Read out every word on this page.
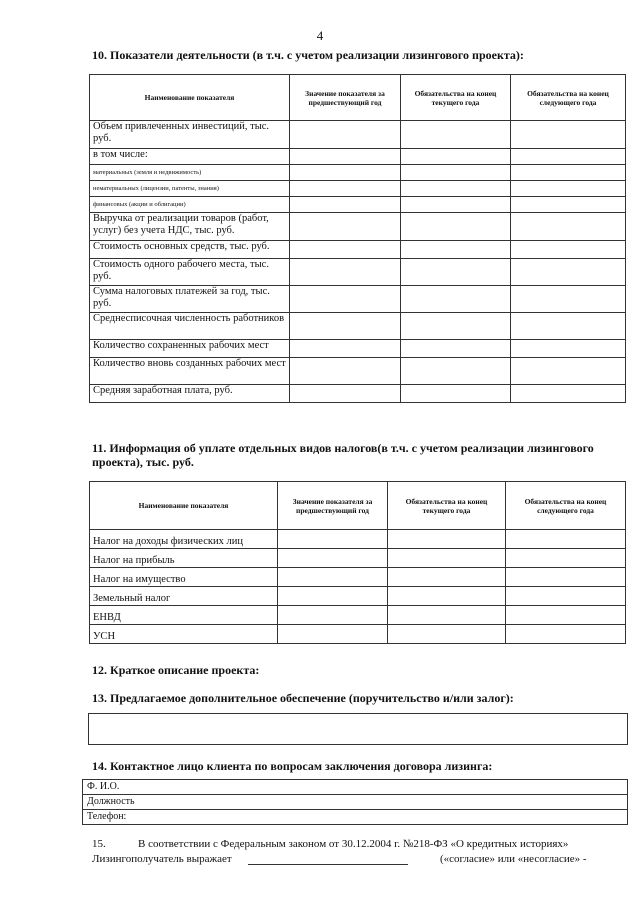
4
10. Показатели деятельности (в т.ч. с учетом реализации лизингового проекта):
Наименование показателя	Значение показателя за предшествующий год	Обязательства на конец текущего года	Обязательства на конец следующего года
Объем привлеченных инвестиций, тыс. руб.			
в том числе:			
материальных (земля и недвижимость)			
нематериальных (лицензии, патенты, знания)			
финансовых (акции и облигации)			
Выручка от реализации товаров (работ, услуг) без учета НДС, тыс. руб.			
Стоимость основных средств, тыс. руб.			
Стоимость одного рабочего места, тыс. руб.			
Сумма налоговых платежей за год, тыс. руб.			
Среднесписочная численность работников			
Количество сохраненных рабочих мест			
Количество вновь созданных рабочих мест			
Средняя заработная плата, руб.			
11. Информация об уплате отдельных видов налогов(в т.ч. с учетом реализации лизингового проекта), тыс. руб.
Наименование показателя	Значение показателя за предшествующий год	Обязательства на конец текущего года	Обязательства на конец следующего года
Налог на доходы физических лиц			
Налог на прибыль			
Налог на имущество			
Земельный налог			
ЕНВД			
УСН			
12. Краткое описание проекта:
13. Предлагаемое дополнительное обеспечение (поручительство и/или залог):
14. Контактное лицо клиента по вопросам заключения договора лизинга:
Ф. И.О.
Должность
Телефон:
15.	В соответствии с Федеральным законом от 30.12.2004 г. №218-ФЗ «О кредитных историях»
Лизингополучатель выражает	(«согласие» или «несогласие» -
